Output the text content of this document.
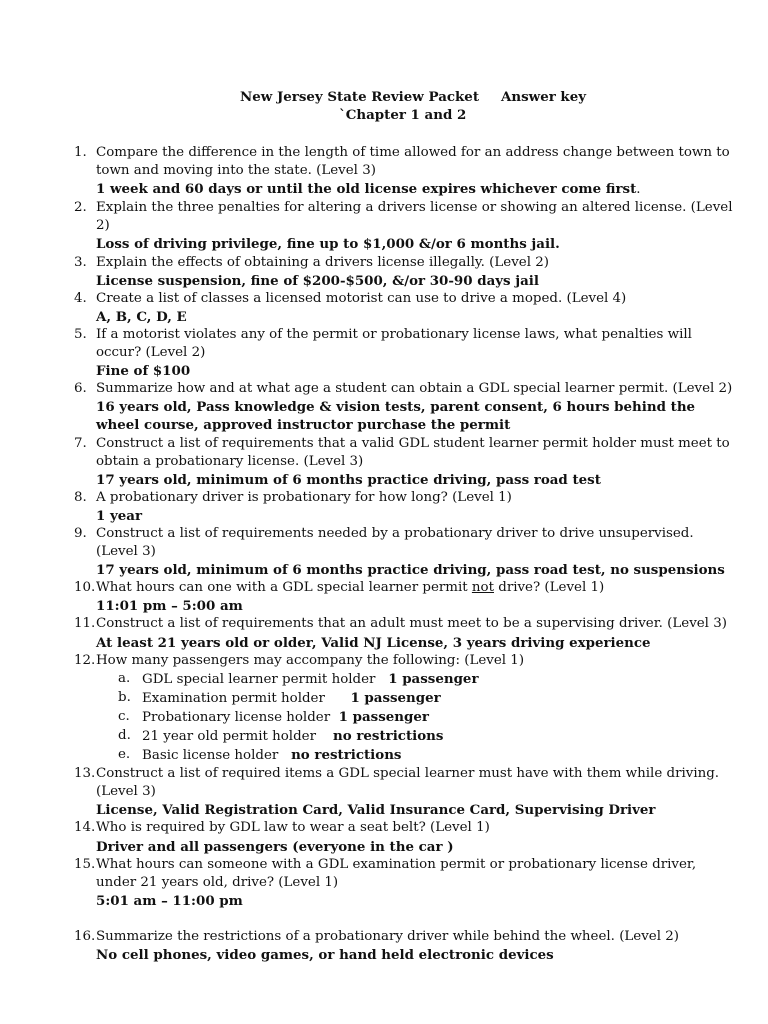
New Jersey State Review Packet Answer key
`Chapter 1 and 2
1. Compare the difference in the length of time allowed for an address change between town to town and moving into the state. (Level 3)
1 week and 60 days or until the old license expires whichever come first.
2. Explain the three penalties for altering a drivers license or showing an altered license. (Level 2)
Loss of driving privilege, fine up to $1,000 &/or 6 months jail.
3. Explain the effects of obtaining a drivers license illegally. (Level 2)
License suspension, fine of $200-$500, &/or 30-90 days jail
4. Create a list of classes a licensed motorist can use to drive a moped. (Level 4)
A, B, C, D, E
5. If a motorist violates any of the permit or probationary license laws, what penalties will occur? (Level 2)
Fine of $100
6. Summarize how and at what age a student can obtain a GDL special learner permit. (Level 2)
16 years old, Pass knowledge & vision tests, parent consent, 6 hours behind the wheel course, approved instructor purchase the permit
7. Construct a list of requirements that a valid GDL student learner permit holder must meet to obtain a probationary license. (Level 3)
17 years old, minimum of 6 months practice driving, pass road test
8. A probationary driver is probationary for how long? (Level 1)
1 year
9. Construct a list of requirements needed by a probationary driver to drive unsupervised. (Level 3)
17 years old, minimum of 6 months practice driving, pass road test, no suspensions
10. What hours can one with a GDL special learner permit not drive? (Level 1)
11:01 pm – 5:00 am
11. Construct a list of requirements that an adult must meet to be a supervising driver. (Level 3)
At least 21 years old or older, Valid NJ License, 3 years driving experience
12. How many passengers may accompany the following: (Level 1)
a. GDL special learner permit holder 1 passenger
b. Examination permit holder 1 passenger
c. Probationary license holder 1 passenger
d. 21 year old permit holder no restrictions
e. Basic license holder no restrictions
13. Construct a list of required items a GDL special learner must have with them while driving. (Level 3)
License, Valid Registration Card, Valid Insurance Card, Supervising Driver
14. Who is required by GDL law to wear a seat belt? (Level 1)
Driver and all passengers (everyone in the car )
15. What hours can someone with a GDL examination permit or probationary license driver, under 21 years old, drive? (Level 1)
5:01 am – 11:00 pm
16. Summarize the restrictions of a probationary driver while behind the wheel. (Level 2)
No cell phones, video games, or hand held electronic devices
